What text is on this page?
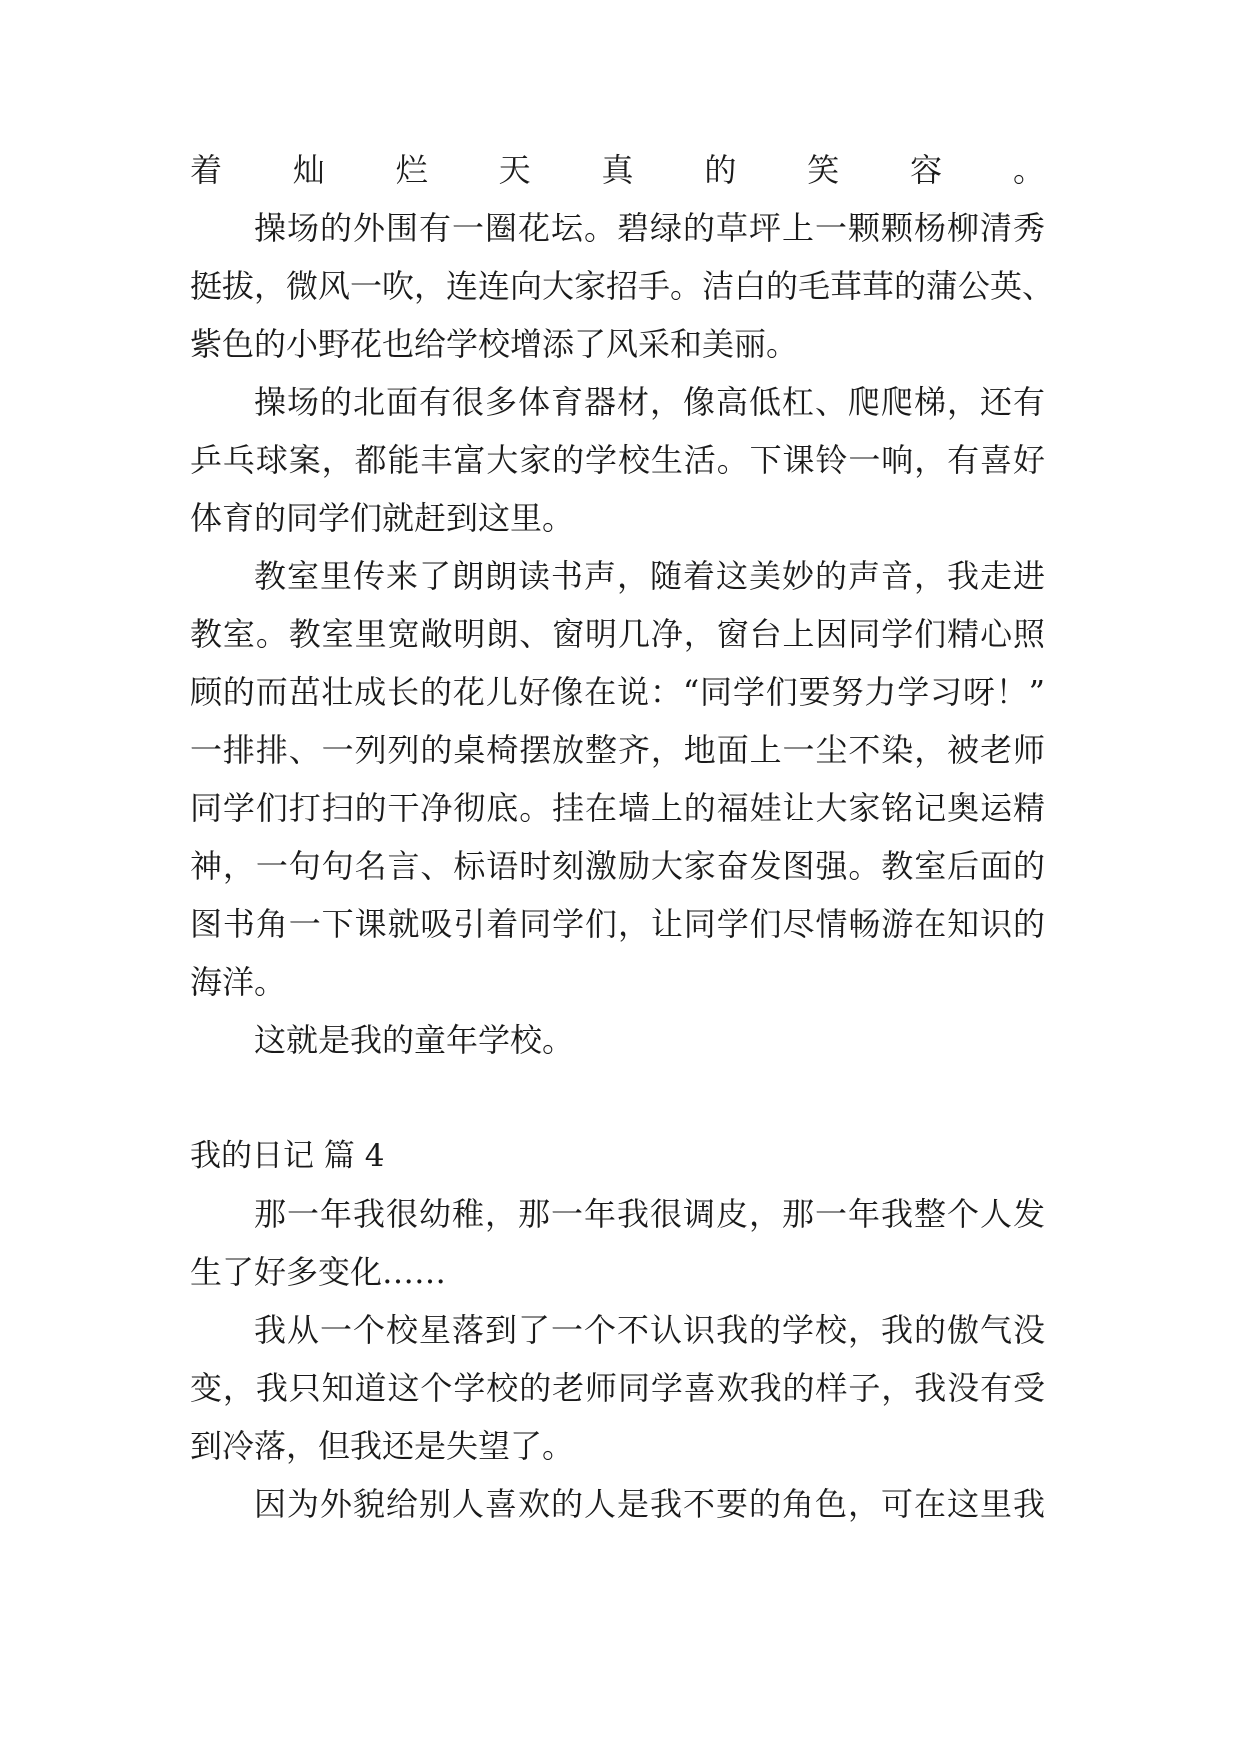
着灿烂天真的笑容。
操场的外围有一圈花坛。碧绿的草坪上一颗颗杨柳清秀
挺拔，微风一吹，连连向大家招手。洁白的毛茸茸的蒲公英、
紫色的小野花也给学校增添了风采和美丽。
操场的北面有很多体育器材，像高低杠、爬爬梯，还有
乒乓球案，都能丰富大家的学校生活。下课铃一响，有喜好
体育的同学们就赶到这里。
教室里传来了朗朗读书声，随着这美妙的声音，我走进
教室。教室里宽敞明朗、窗明几净，窗台上因同学们精心照
顾的而茁壮成长的花儿好像在说：“同学们要努力学习呀！”
一排排、一列列的桌椅摆放整齐，地面上一尘不染，被老师
同学们打扫的干净彻底。挂在墙上的福娃让大家铭记奥运精
神，一句句名言、标语时刻激励大家奋发图强。教室后面的
图书角一下课就吸引着同学们，让同学们尽情畅游在知识的
海洋。
这就是我的童年学校。
我的日记 篇 4
那一年我很幼稚，那一年我很调皮，那一年我整个人发
生了好多变化……
我从一个校星落到了一个不认识我的学校，我的傲气没
变，我只知道这个学校的老师同学喜欢我的样子，我没有受
到冷落，但我还是失望了。
因为外貌给别人喜欢的人是我不要的角色，可在这里我
